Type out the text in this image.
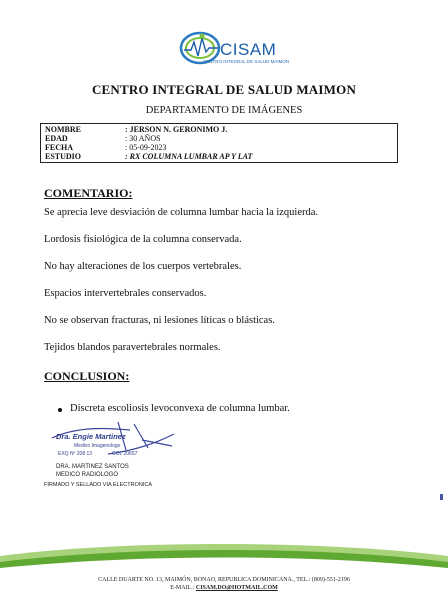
CISAM
CENTRO INTEGRAL DE SALUD MAIMON
CENTRO INTEGRAL DE SALUD MAIMON
DEPARTAMENTO DE IMÁGENES
NOMBRE	: JERSON N. GERONIMO J.
EDAD	: 30 AÑOS
FECHA	: 05-09-2023
ESTUDIO	: RX COLUMNA LUMBAR AP Y LAT
COMENTARIO:
Se aprecia leve desviación de columna lumbar hacia la izquierda.
Lordosis fisiológica de la columna conservada.
No hay alteraciones de los cuerpos vertebrales.
Espacios intervertebrales conservados.
No se observan fracturas, ni lesiones líticas o blásticas.
Tejidos blandos paravertebrales normales.
CONCLUSION:
Discreta escoliosis levoconvexa de columna lumbar.
Dra. Engie Martinez
Medico Imagenologo
EXQ Nº 208 13	COL 20657
DRA. MARTINEZ SANTOS
MEDICO RADIOLOGO
FIRMADO Y SELLADO VIA ELECTRONICA
CALLE DUARTE NO. 13, MAIMÓN, BONAO, REPUBLICA DOMINICANA., TEL.: (809)-551-2196
E-MAIL.: CISAM.DO@HOTMAIL.COM
